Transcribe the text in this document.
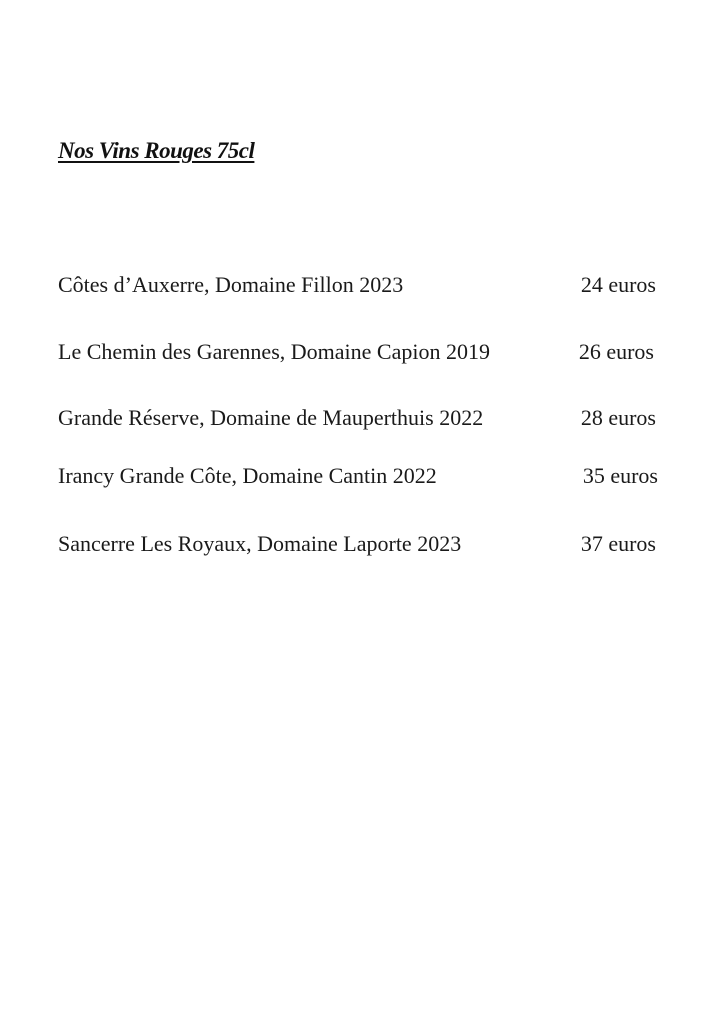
Nos Vins Rouges 75cl
Côtes d’Auxerre, Domaine Fillon 2023	24 euros
Le Chemin des Garennes, Domaine Capion 2019	26 euros
Grande Réserve, Domaine de Mauperthuis 2022	28 euros
Irancy Grande Côte, Domaine Cantin 2022	35 euros
Sancerre Les Royaux, Domaine Laporte 2023	37 euros
